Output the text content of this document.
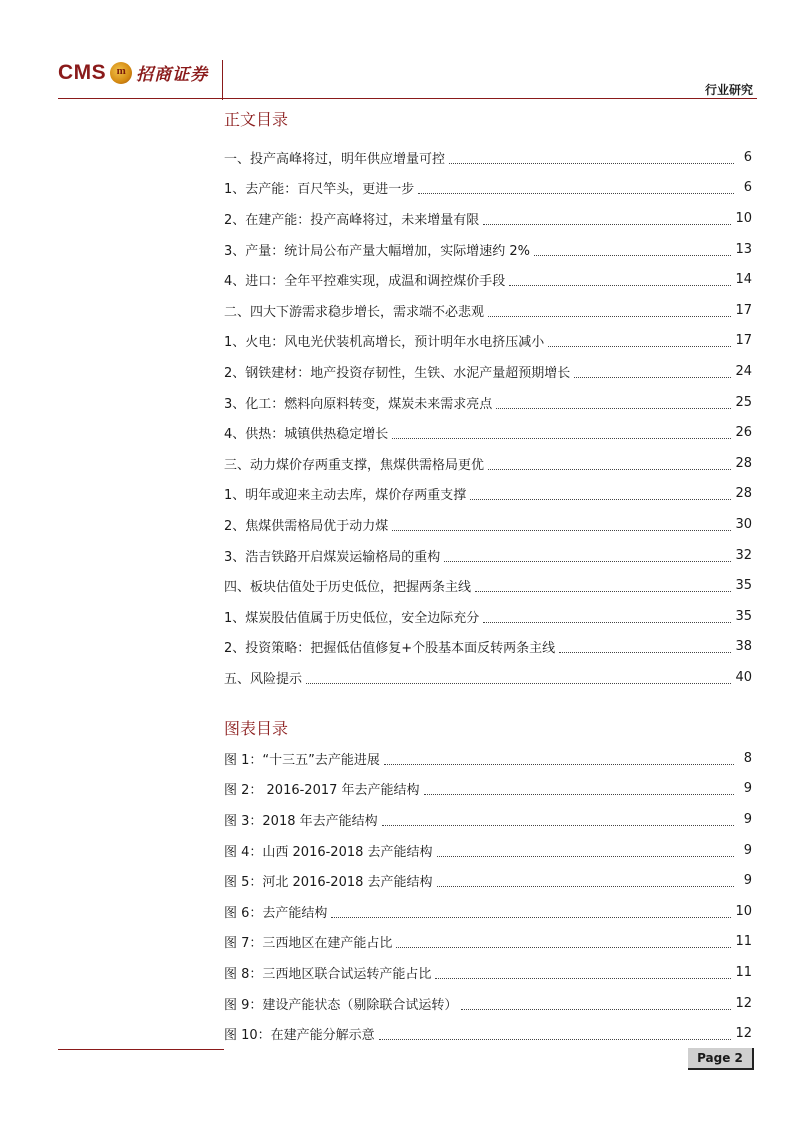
CMS m 招商证券
行业研究
正文目录
一、投产高峰将过，明年供应增量可控	6
1、去产能：百尺竿头，更进一步	6
2、在建产能：投产高峰将过，未来增量有限	10
3、产量：统计局公布产量大幅增加，实际增速约 2%	13
4、进口：全年平控难实现，成温和调控煤价手段	14
二、四大下游需求稳步增长，需求端不必悲观	17
1、火电：风电光伏装机高增长，预计明年水电挤压减小	17
2、钢铁建材：地产投资存韧性，生铁、水泥产量超预期增长	24
3、化工：燃料向原料转变，煤炭未来需求亮点	25
4、供热：城镇供热稳定增长	26
三、动力煤价存两重支撑，焦煤供需格局更优	28
1、明年或迎来主动去库，煤价存两重支撑	28
2、焦煤供需格局优于动力煤	30
3、浩吉铁路开启煤炭运输格局的重构	32
四、板块估值处于历史低位，把握两条主线	35
1、煤炭股估值属于历史低位，安全边际充分	35
2、投资策略：把握低估值修复+个股基本面反转两条主线	38
五、风险提示	40
图表目录
图 1：“十三五”去产能进展	8
图 2： 2016-2017 年去产能结构	9
图 3：2018 年去产能结构	9
图 4：山西 2016-2018 去产能结构	9
图 5：河北 2016-2018 去产能结构	9
图 6：去产能结构	10
图 7：三西地区在建产能占比	11
图 8：三西地区联合试运转产能占比	11
图 9：建设产能状态（剔除联合试运转）	12
图 10：在建产能分解示意	12
Page 2
